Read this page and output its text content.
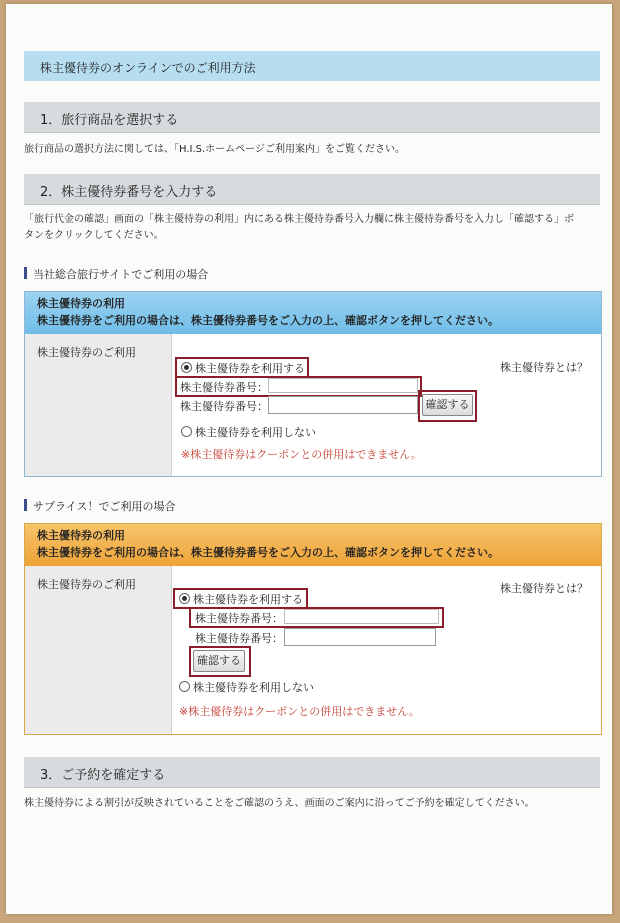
株主優待券のオンラインでのご利用方法
1．旅行商品を選択する
旅行商品の選択方法に関しては、「H.I.S.ホームページご利用案内」をご覧ください。
2．株主優待券番号を入力する
「旅行代金の確認」画面の「株主優待券の利用」内にある株主優待券番号入力欄に株主優待券番号を入力し「確認する」ボ
タンをクリックしてください。
当社総合旅行サイトでご利用の場合
株主優待券の利用
株主優待券をご利用の場合は、株主優待券番号をご入力の上、確認ボタンを押してください。
株主優待券のご利用
株主優待券とは？
株主優待券を利用する
株主優待券番号：
株主優待券番号：	確認する
株主優待券を利用しない
※株主優待券はクーポンとの併用はできません。
サプライス！でご利用の場合
株主優待券の利用
株主優待券をご利用の場合は、株主優待券番号をご入力の上、確認ボタンを押してください。
株主優待券のご利用	株主優待券とは？
株主優待券を利用する
株主優待券番号：
株主優待券番号：
確認する
株主優待券を利用しない
※株主優待券はクーポンとの併用はできません。
3．ご予約を確定する
株主優待券による割引が反映されていることをご確認のうえ、画面のご案内に沿ってご予約を確定してください。
